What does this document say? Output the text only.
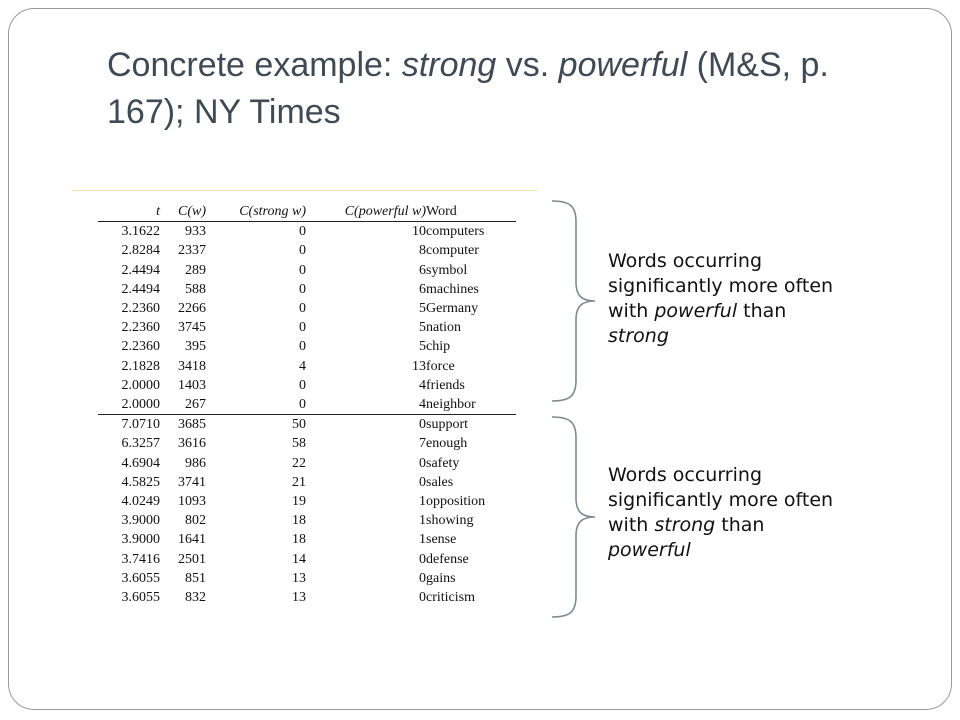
Concrete example: strong vs. powerful (M&S, p. 167); NY Times
t	C(w)	C(strong w)	C(powerful w)	Word
3.1622	933	0	10	computers
2.8284	2337	0	8	computer
2.4494	289	0	6	symbol
2.4494	588	0	6	machines
2.2360	2266	0	5	Germany
2.2360	3745	0	5	nation
2.2360	395	0	5	chip
2.1828	3418	4	13	force
2.0000	1403	0	4	friends
2.0000	267	0	4	neighbor
7.0710	3685	50	0	support
6.3257	3616	58	7	enough
4.6904	986	22	0	safety
4.5825	3741	21	0	sales
4.0249	1093	19	1	opposition
3.9000	802	18	1	showing
3.9000	1641	18	1	sense
3.7416	2501	14	0	defense
3.6055	851	13	0	gains
3.6055	832	13	0	criticism
Words occurring
significantly more often
with powerful than
strong
Words occurring
significantly more often
with strong than
powerful
